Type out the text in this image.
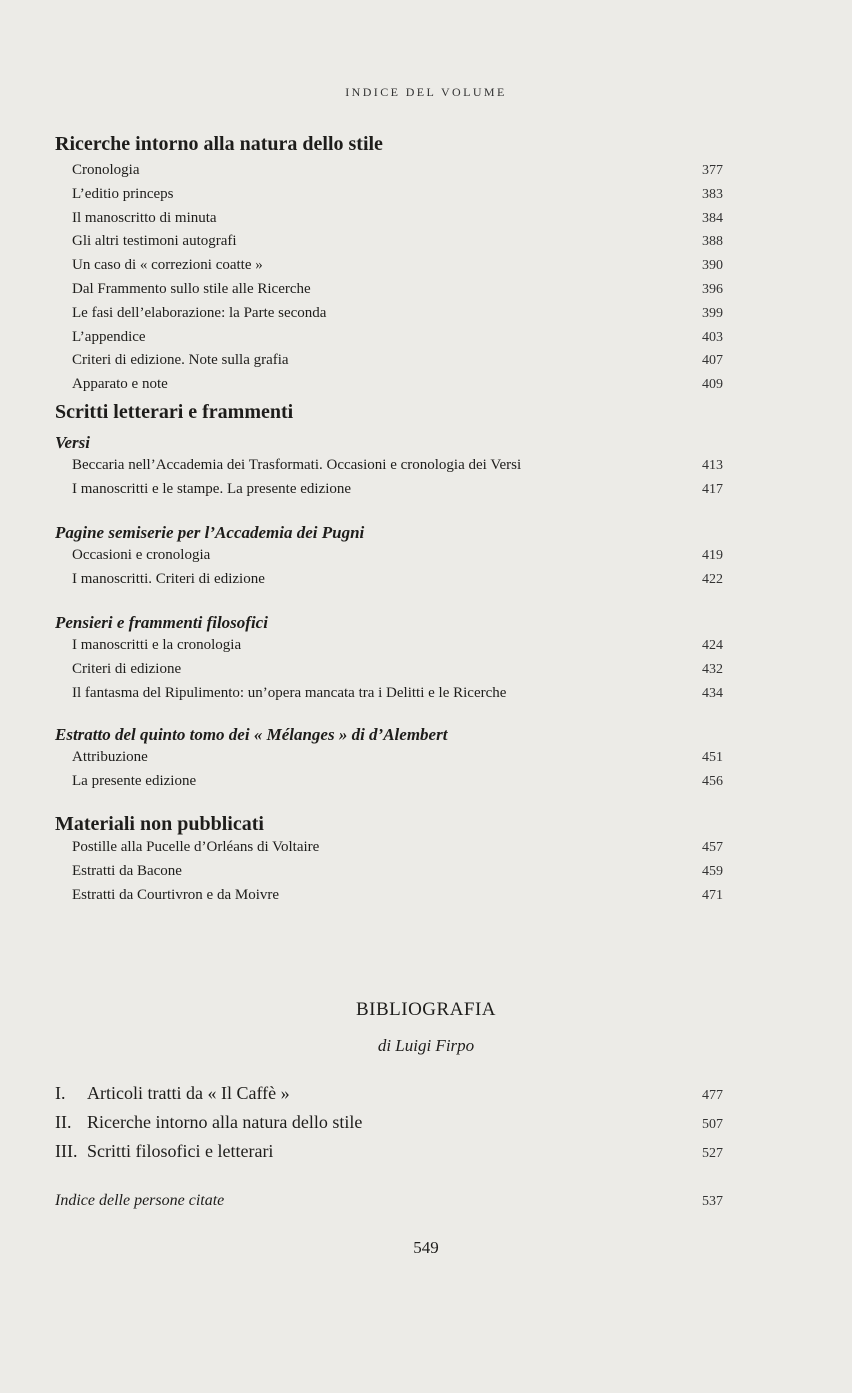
INDICE DEL VOLUME
Ricerche intorno alla natura dello stile
Cronologia	377
L’editio princeps	383
Il manoscritto di minuta	384
Gli altri testimoni autografi	388
Un caso di « correzioni coatte »	390
Dal Frammento sullo stile alle Ricerche	396
Le fasi dell’elaborazione: la Parte seconda	399
L’appendice	403
Criteri di edizione. Note sulla grafia	407
Apparato e note	409
Scritti letterari e frammenti
Versi
Beccaria nell’Accademia dei Trasformati. Occasioni e cronologia dei Versi	413
I manoscritti e le stampe. La presente edizione	417
Pagine semiserie per l’Accademia dei Pugni
Occasioni e cronologia	419
I manoscritti. Criteri di edizione	422
Pensieri e frammenti filosofici
I manoscritti e la cronologia	424
Criteri di edizione	432
Il fantasma del Ripulimento: un’opera mancata tra i Delitti e le Ricerche	434
Estratto del quinto tomo dei « Mélanges » di d’Alembert
Attribuzione	451
La presente edizione	456
Materiali non pubblicati
Postille alla Pucelle d’Orléans di Voltaire	457
Estratti da Bacone	459
Estratti da Courtivron e da Moivre	471
BIBLIOGRAFIA
di Luigi Firpo
I. Articoli tratti da « Il Caffè »	477
II. Ricerche intorno alla natura dello stile	507
III. Scritti filosofici e letterari	527
Indice delle persone citate	537
549
